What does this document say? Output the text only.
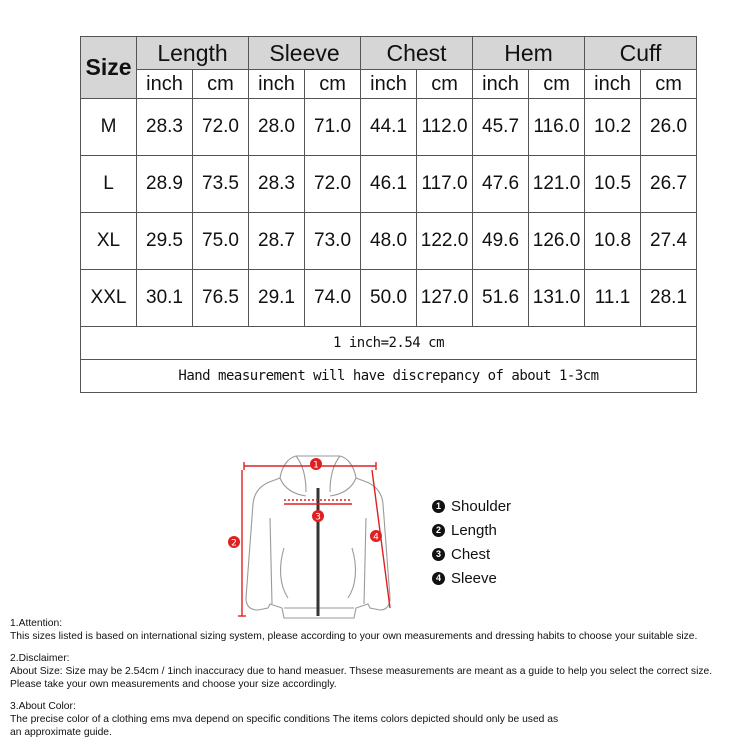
Size	Length		Sleeve		Chest		Hem		Cuff	
	inch	cm	inch	cm	inch	cm	inch	cm	inch	cm
M	28.3	72.0	28.0	71.0	44.1	112.0	45.7	116.0	10.2	26.0
L	28.9	73.5	28.3	72.0	46.1	117.0	47.6	121.0	10.5	26.7
XL	29.5	75.0	28.7	73.0	48.0	122.0	49.6	126.0	10.8	27.4
XXL	30.1	76.5	29.1	74.0	50.0	127.0	51.6	131.0	11.1	28.1
1 inch=2.54 cm										
Hand measurement will have discrepancy of about 1-3cm										
1
2
3
4
1 Shoulder
2 Length
3 Chest
4 Sleeve
1.Attention:
This sizes listed is based on international sizing system, please according to your own measurements and dressing habits to choose your suitable size.
2.Disclaimer:
About Size: Size may be 2.54cm / 1inch inaccuracy due to hand measuer. Thsese measurements are meant as a guide to help you select the correct size.
Please take your own measurements and choose your size accordingly.
3.About Color:
The precise color of a clothing ems mva depend on specific conditions The items colors depicted should only be used as
an approximate guide.
